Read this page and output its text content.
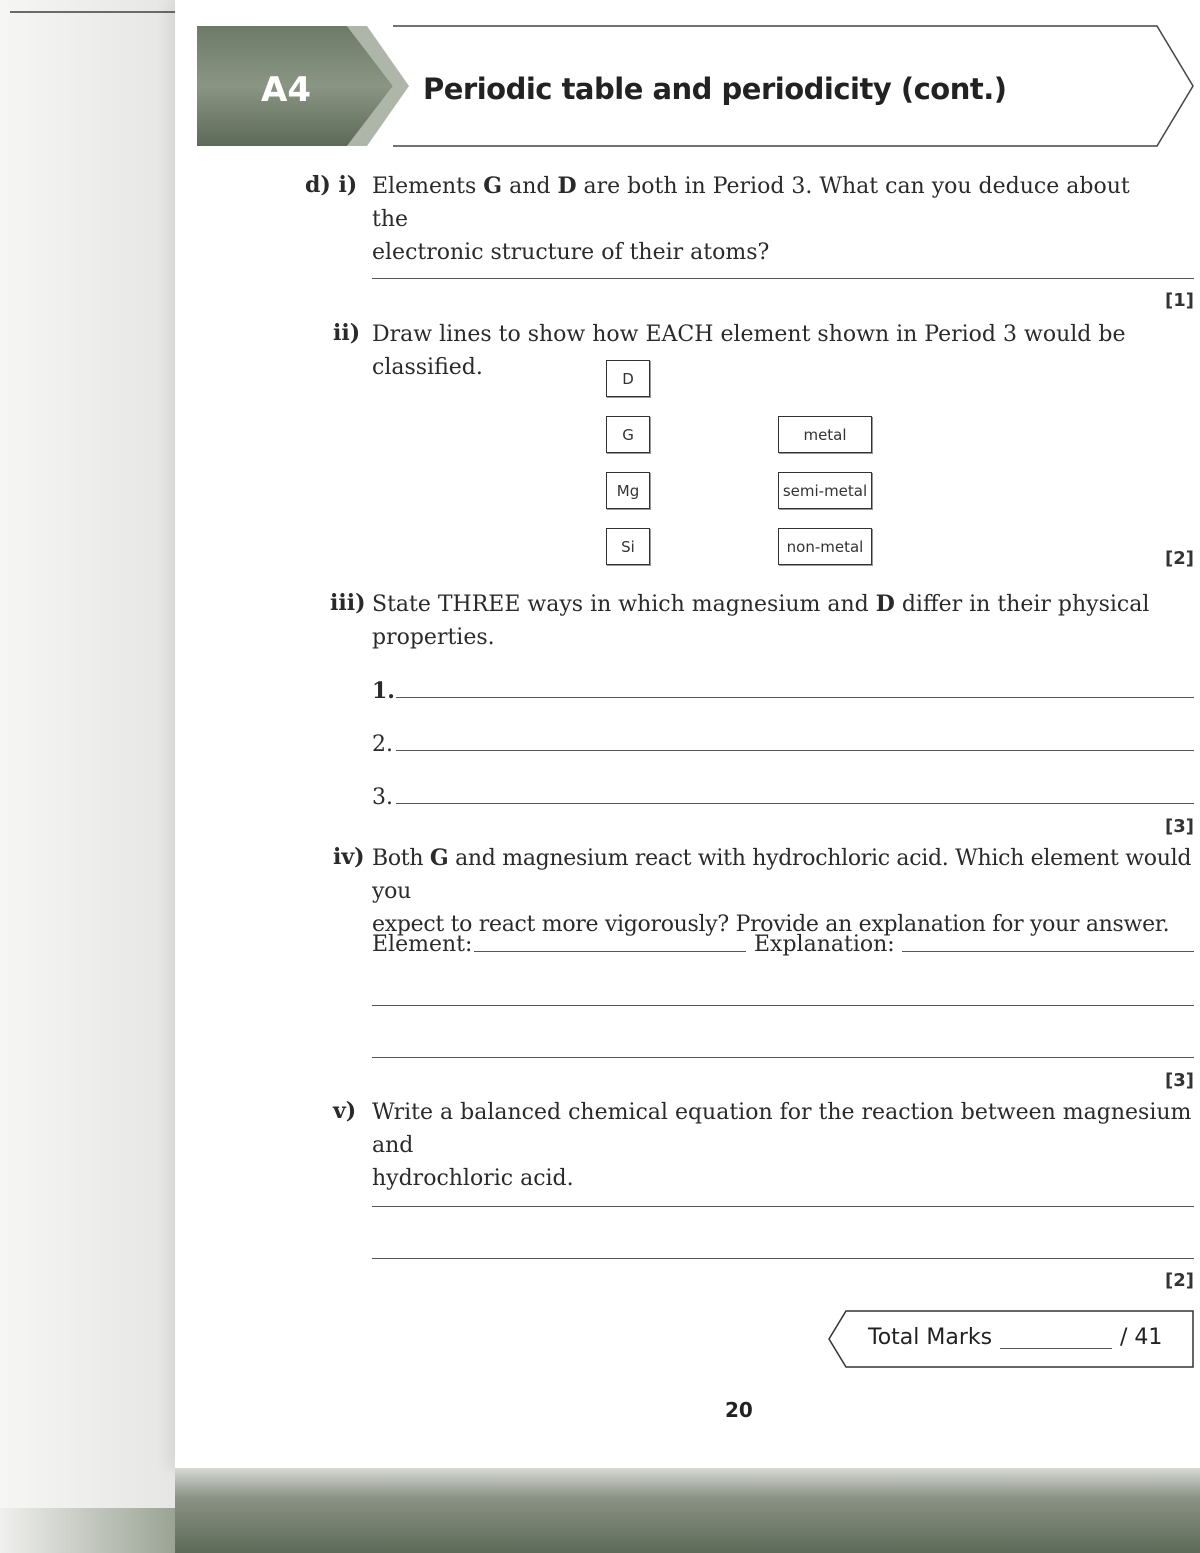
A4	Periodic table and periodicity (cont.)
d) i) Elements G and D are both in Period 3. What can you deduce about the
electronic structure of their atoms?
[1]
ii) Draw lines to show how EACH element shown in Period 3 would be classified.	D
G
Mg
Si
metal
semi-metal
non-metal
[2]
iii) State THREE ways in which magnesium and D differ in their physical
properties.
1.
2.
3.
[3]
iv) Both G and magnesium react with hydrochloric acid. Which element would you
expect to react more vigorously? Provide an explanation for your answer.
Element:	Explanation:
[3]
v) Write a balanced chemical equation for the reaction between magnesium and
hydrochloric acid.
[2]
Total Marks	/ 41
20
